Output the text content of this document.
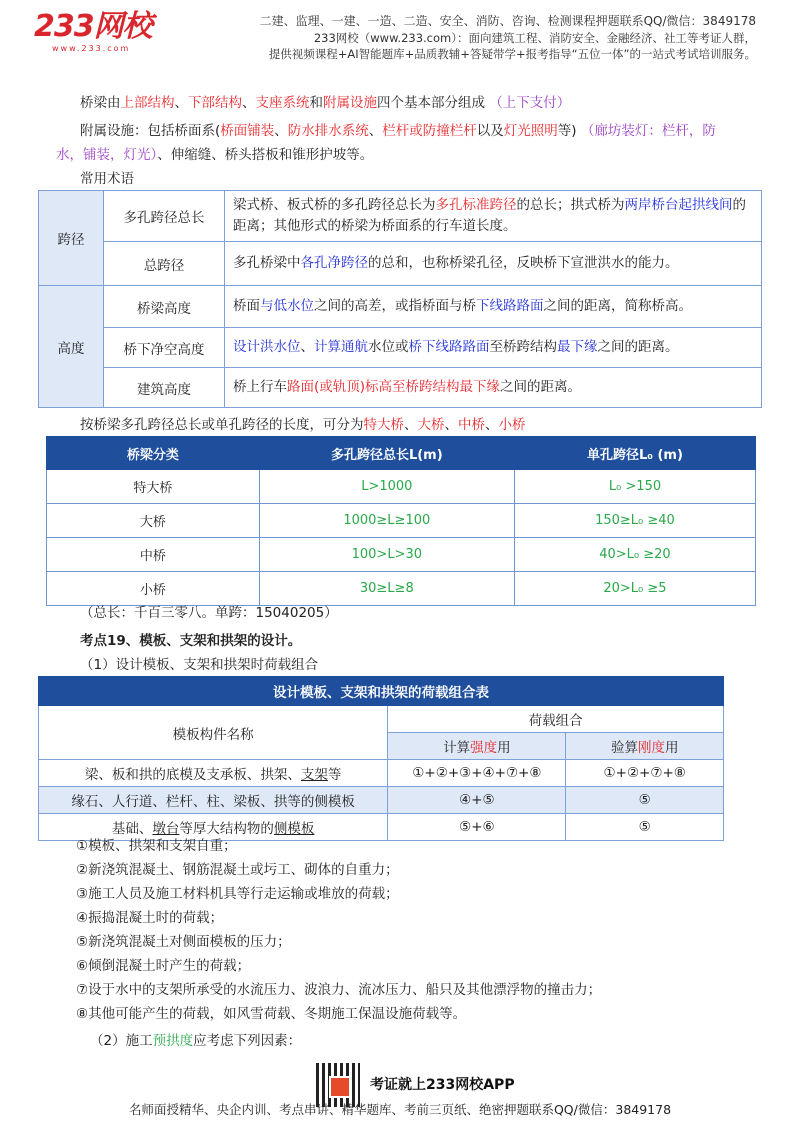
233网校
www.233.com
二建、监理、一建、一造、二造、安全、消防、咨询、检测课程押题联系QQ/微信：3849178
233网校（www.233.com）：面向建筑工程、消防安全、金融经济、社工等考证人群，
提供视频课程+AI智能题库+品质教辅+答疑带学+报考指导“五位一体”的一站式考试培训服务。
桥梁由上部结构、下部结构、支座系统和附属设施四个基本部分组成 （上下支付）
附属设施：包括桥面系(桥面铺装、防水排水系统、栏杆或防撞栏杆以及灯光照明等) （廊坊装灯：栏杆，防
水，铺装，灯光）、伸缩缝、桥头搭板和锥形护坡等。
常用术语
跨径	多孔跨径总长	梁式桥、板式桥的多孔跨径总长为多孔标准跨径的总长；拱式桥为两岸桥台起拱线间的距离；其他形式的桥梁为桥面系的行车道长度。
	总跨径	多孔桥梁中各孔净跨径的总和，也称桥梁孔径，反映桥下宣泄洪水的能力。
高度	桥梁高度	桥面与低水位之间的高差，或指桥面与桥下线路路面之间的距离，简称桥高。
	桥下净空高度	设计洪水位、计算通航水位或桥下线路路面至桥跨结构最下缘之间的距离。
	建筑高度	桥上行车路面(或轨顶)标高至桥跨结构最下缘之间的距离。
按桥梁多孔跨径总长或单孔跨径的长度，可分为特大桥、大桥、中桥、小桥
桥梁分类	多孔跨径总长L(m)	单孔跨径L₀ (m)
特大桥	L>1000	L₀ >150
大桥	1000≥L≥100	150≥L₀ ≥40
中桥	100>L>30	40>L₀ ≥20
小桥	30≥L≥8	20>L₀ ≥5
（总长：千百三零八。单跨：15040205）
考点19、模板、支架和拱架的设计。
（1）设计模板、支架和拱架时荷载组合
设计模板、支架和拱架的荷载组合表		
模板构件名称	荷载组合	
	计算强度用	验算刚度用
梁、板和拱的底模及支承板、拱架、支架等	①+②+③+④+⑦+⑧	①+②+⑦+⑧
缘石、人行道、栏杆、柱、梁板、拱等的侧模板	④+⑤	⑤
基础、墩台等厚大结构物的侧模板	⑤+⑥	⑤
①模板、拱架和支架自重；
②新浇筑混凝土、钢筋混凝土或圬工、砌体的自重力；
③施工人员及施工材料机具等行走运输或堆放的荷载；
④振捣混凝土时的荷载；
⑤新浇筑混凝土对侧面模板的压力；
⑥倾倒混凝土时产生的荷载；
⑦设于水中的支架所承受的水流压力、波浪力、流冰压力、船只及其他漂浮物的撞击力；
⑧其他可能产生的荷载，如风雪荷载、冬期施工保温设施荷载等。
（2）施工预拱度应考虑下列因素：
考证就上233网校APP
名师面授精华、央企内训、考点串讲、精华题库、考前三页纸、绝密押题联系QQ/微信：3849178
